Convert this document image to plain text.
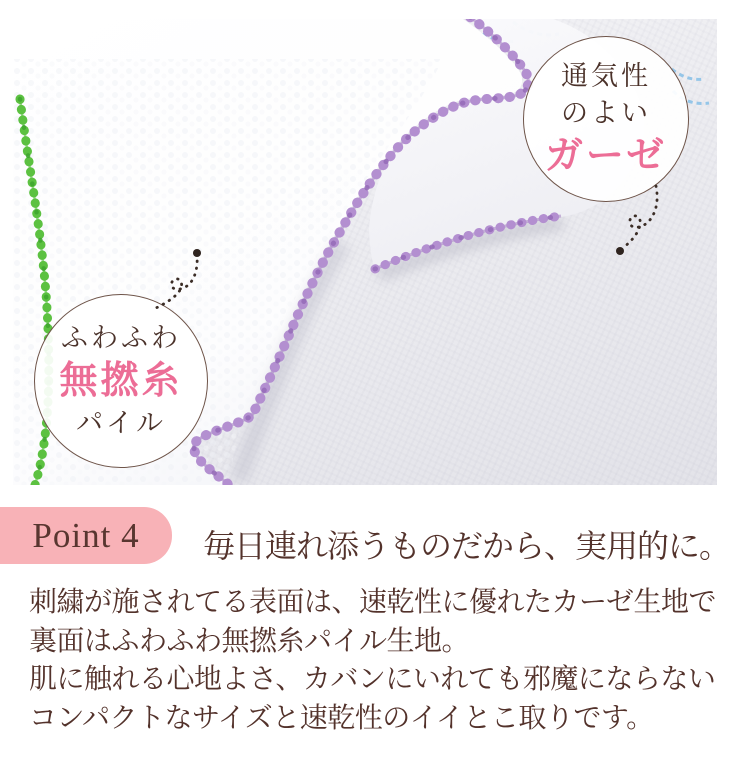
通気性
のよい
ガーゼ
ふわふわ
無撚糸
パイル
Point 4 毎日連れ添うものだから、実用的に。
刺繍が施されてる表面は、速乾性に優れたカーゼ生地で
裏面はふわふわ無撚糸パイル生地。
肌に触れる心地よさ、カバンにいれても邪魔にならない
コンパクトなサイズと速乾性のイイとこ取りです。
